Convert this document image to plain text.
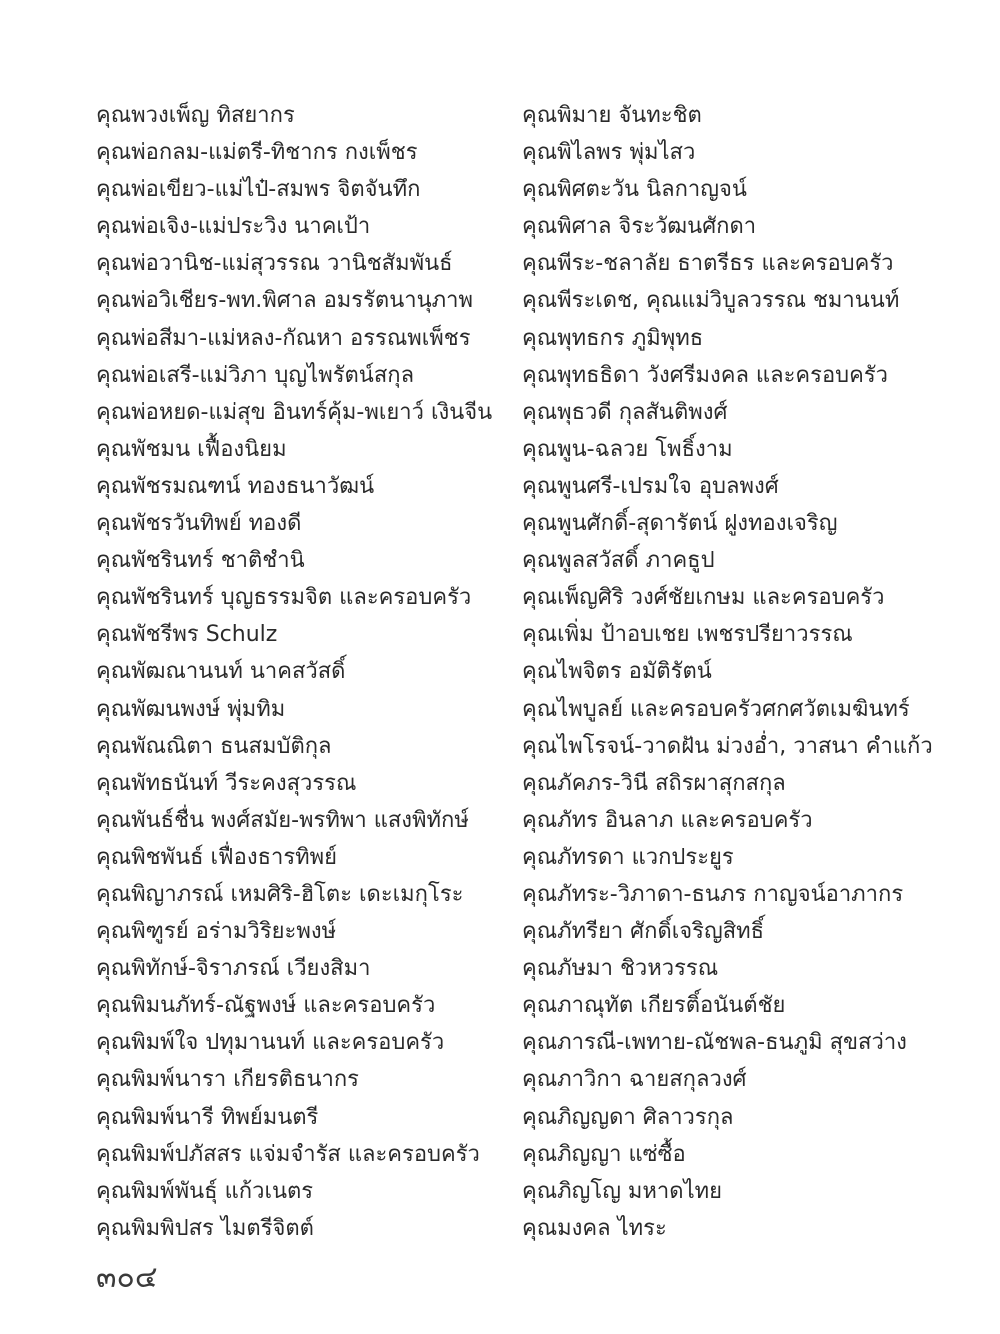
คุณพวงเพ็ญ ทิสยากร
คุณพ่อกลม-แม่ตรี-ทิชากร กงเพ็ชร
คุณพ่อเขียว-แม่ไป๋-สมพร จิตจันทึก
คุณพ่อเจิง-แม่ประวิง นาคเป้า
คุณพ่อวานิช-แม่สุวรรณ วานิชสัมพันธ์
คุณพ่อวิเชียร-พท.พิศาล อมรรัตนานุภาพ
คุณพ่อสีมา-แม่หลง-กัณหา อรรณพเพ็ชร
คุณพ่อเสรี-แม่วิภา บุญไพรัตน์สกุล
คุณพ่อหยด-แม่สุข อินทร์คุ้ม-พเยาว์ เงินจีน
คุณพัชมน เฟื้องนิยม
คุณพัชรมณฑน์ ทองธนาวัฒน์
คุณพัชรวันทิพย์ ทองดี
คุณพัชรินทร์ ชาติชำนิ
คุณพัชรินทร์ บุญธรรมจิต และครอบครัว
คุณพัชรีพร Schulz
คุณพัฒณานนท์ นาคสวัสดิ์
คุณพัฒนพงษ์ พุ่มทิม
คุณพัณณิตา ธนสมบัติกุล
คุณพัทธนันท์ วีระคงสุวรรณ
คุณพันธ์ชื่น พงศ์สมัย-พรทิพา แสงพิทักษ์
คุณพิชพันธ์ เฟื่องธารทิพย์
คุณพิญาภรณ์ เหมศิริ-ฮิโตะ เดะเมกุโระ
คุณพิฑูรย์ อร่ามวิริยะพงษ์
คุณพิทักษ์-จิราภรณ์ เวียงสิมา
คุณพิมนภัทร์-ณัฐพงษ์ และครอบครัว
คุณพิมพ์ใจ ปทุมานนท์ และครอบครัว
คุณพิมพ์นารา เกียรติธนากร
คุณพิมพ์นารี ทิพย์มนตรี
คุณพิมพ์ปภัสสร แจ่มจำรัส และครอบครัว
คุณพิมพ์พันธุ์ แก้วเนตร
คุณพิมพิปสร ไมตรีจิตต์
คุณพิมาย จันทะชิต
คุณพิไลพร พุ่มไสว
คุณพิศตะวัน นิลกาญจน์
คุณพิศาล จิระวัฒนศักดา
คุณพีระ-ชลาลัย ธาตรีธร และครอบครัว
คุณพีระเดช, คุณแม่วิบูลวรรณ ชมานนท์
คุณพุทธกร ภูมิพุทธ
คุณพุทธธิดา วังศรีมงคล และครอบครัว
คุณพุธวดี กุลสันติพงศ์
คุณพูน-ฉลวย โพธิ์งาม
คุณพูนศรี-เปรมใจ อุบลพงศ์
คุณพูนศักดิ์-สุดารัตน์ ฝูงทองเจริญ
คุณพูลสวัสดิ์ ภาคธูป
คุณเพ็ญศิริ วงศ์ชัยเกษม และครอบครัว
คุณเพิ่ม ป้าอบเชย เพชรปรียาวรรณ
คุณไพจิตร อมัติรัตน์
คุณไพบูลย์ และครอบครัวศกศวัตเมฆินทร์
คุณไพโรจน์-วาดฝัน ม่วงอ่ำ, วาสนา คำแก้ว
คุณภัคภร-วินี สถิรผาสุกสกุล
คุณภัทร อินลาภ และครอบครัว
คุณภัทรดา แวกประยูร
คุณภัทระ-วิภาดา-ธนภร กาญจน์อาภากร
คุณภัทรียา ศักดิ์เจริญสิทธิ์
คุณภัษมา ชิวหวรรณ
คุณภาณุทัต เกียรติ์อนันต์ชัย
คุณภารณี-เพทาย-ณัชพล-ธนภูมิ สุขสว่าง
คุณภาวิกา ฉายสกุลวงศ์
คุณภิญญดา ศิลาวรกุล
คุณภิญญา แซ่ซื้อ
คุณภิญโญ มหาดไทย
คุณมงคล ไทระ
๓๐๔
